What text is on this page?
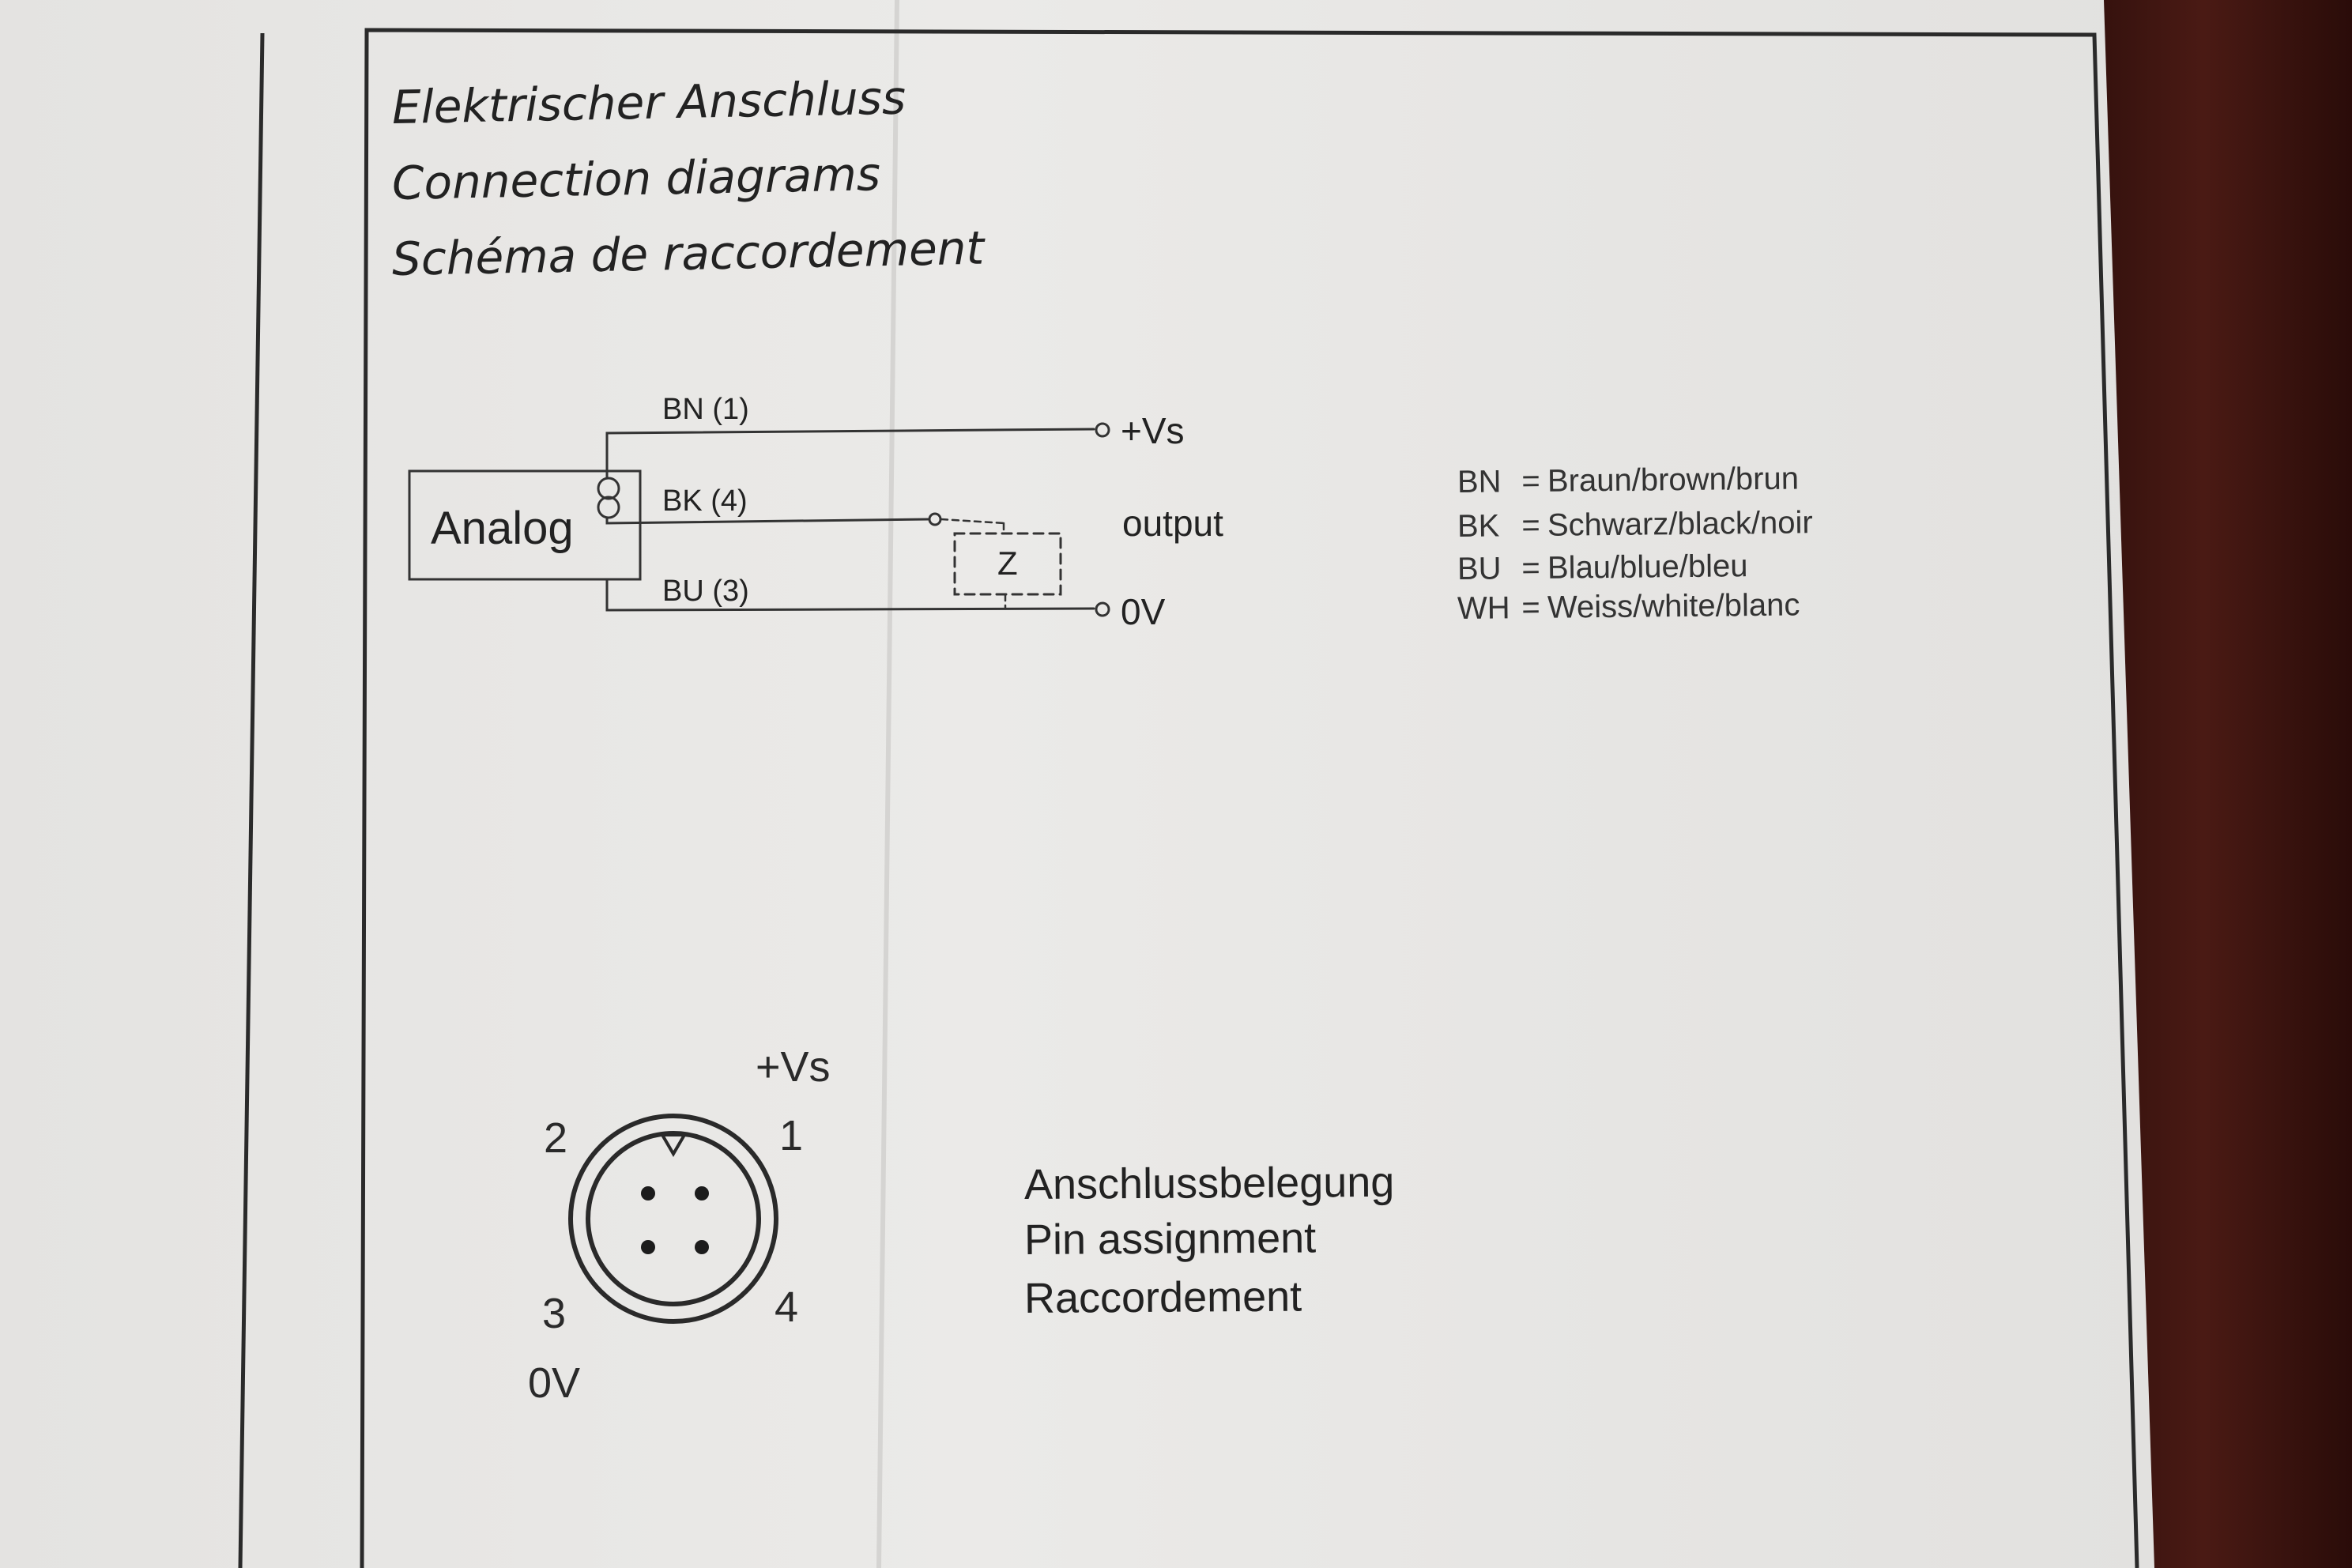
Analog
BN (1)
BK (4)
BU (3)
+Vs
output
0V
Z
+Vs
1
2
3	4
0V
Elektrischer Anschluss
Connection diagrams
Schéma de raccordement
BN = Braun/brown/brun
BK = Schwarz/black/noir
BU = Blau/blue/bleu
WH = Weiss/white/blanc
Anschlussbelegung
Pin assignment
Raccordement
